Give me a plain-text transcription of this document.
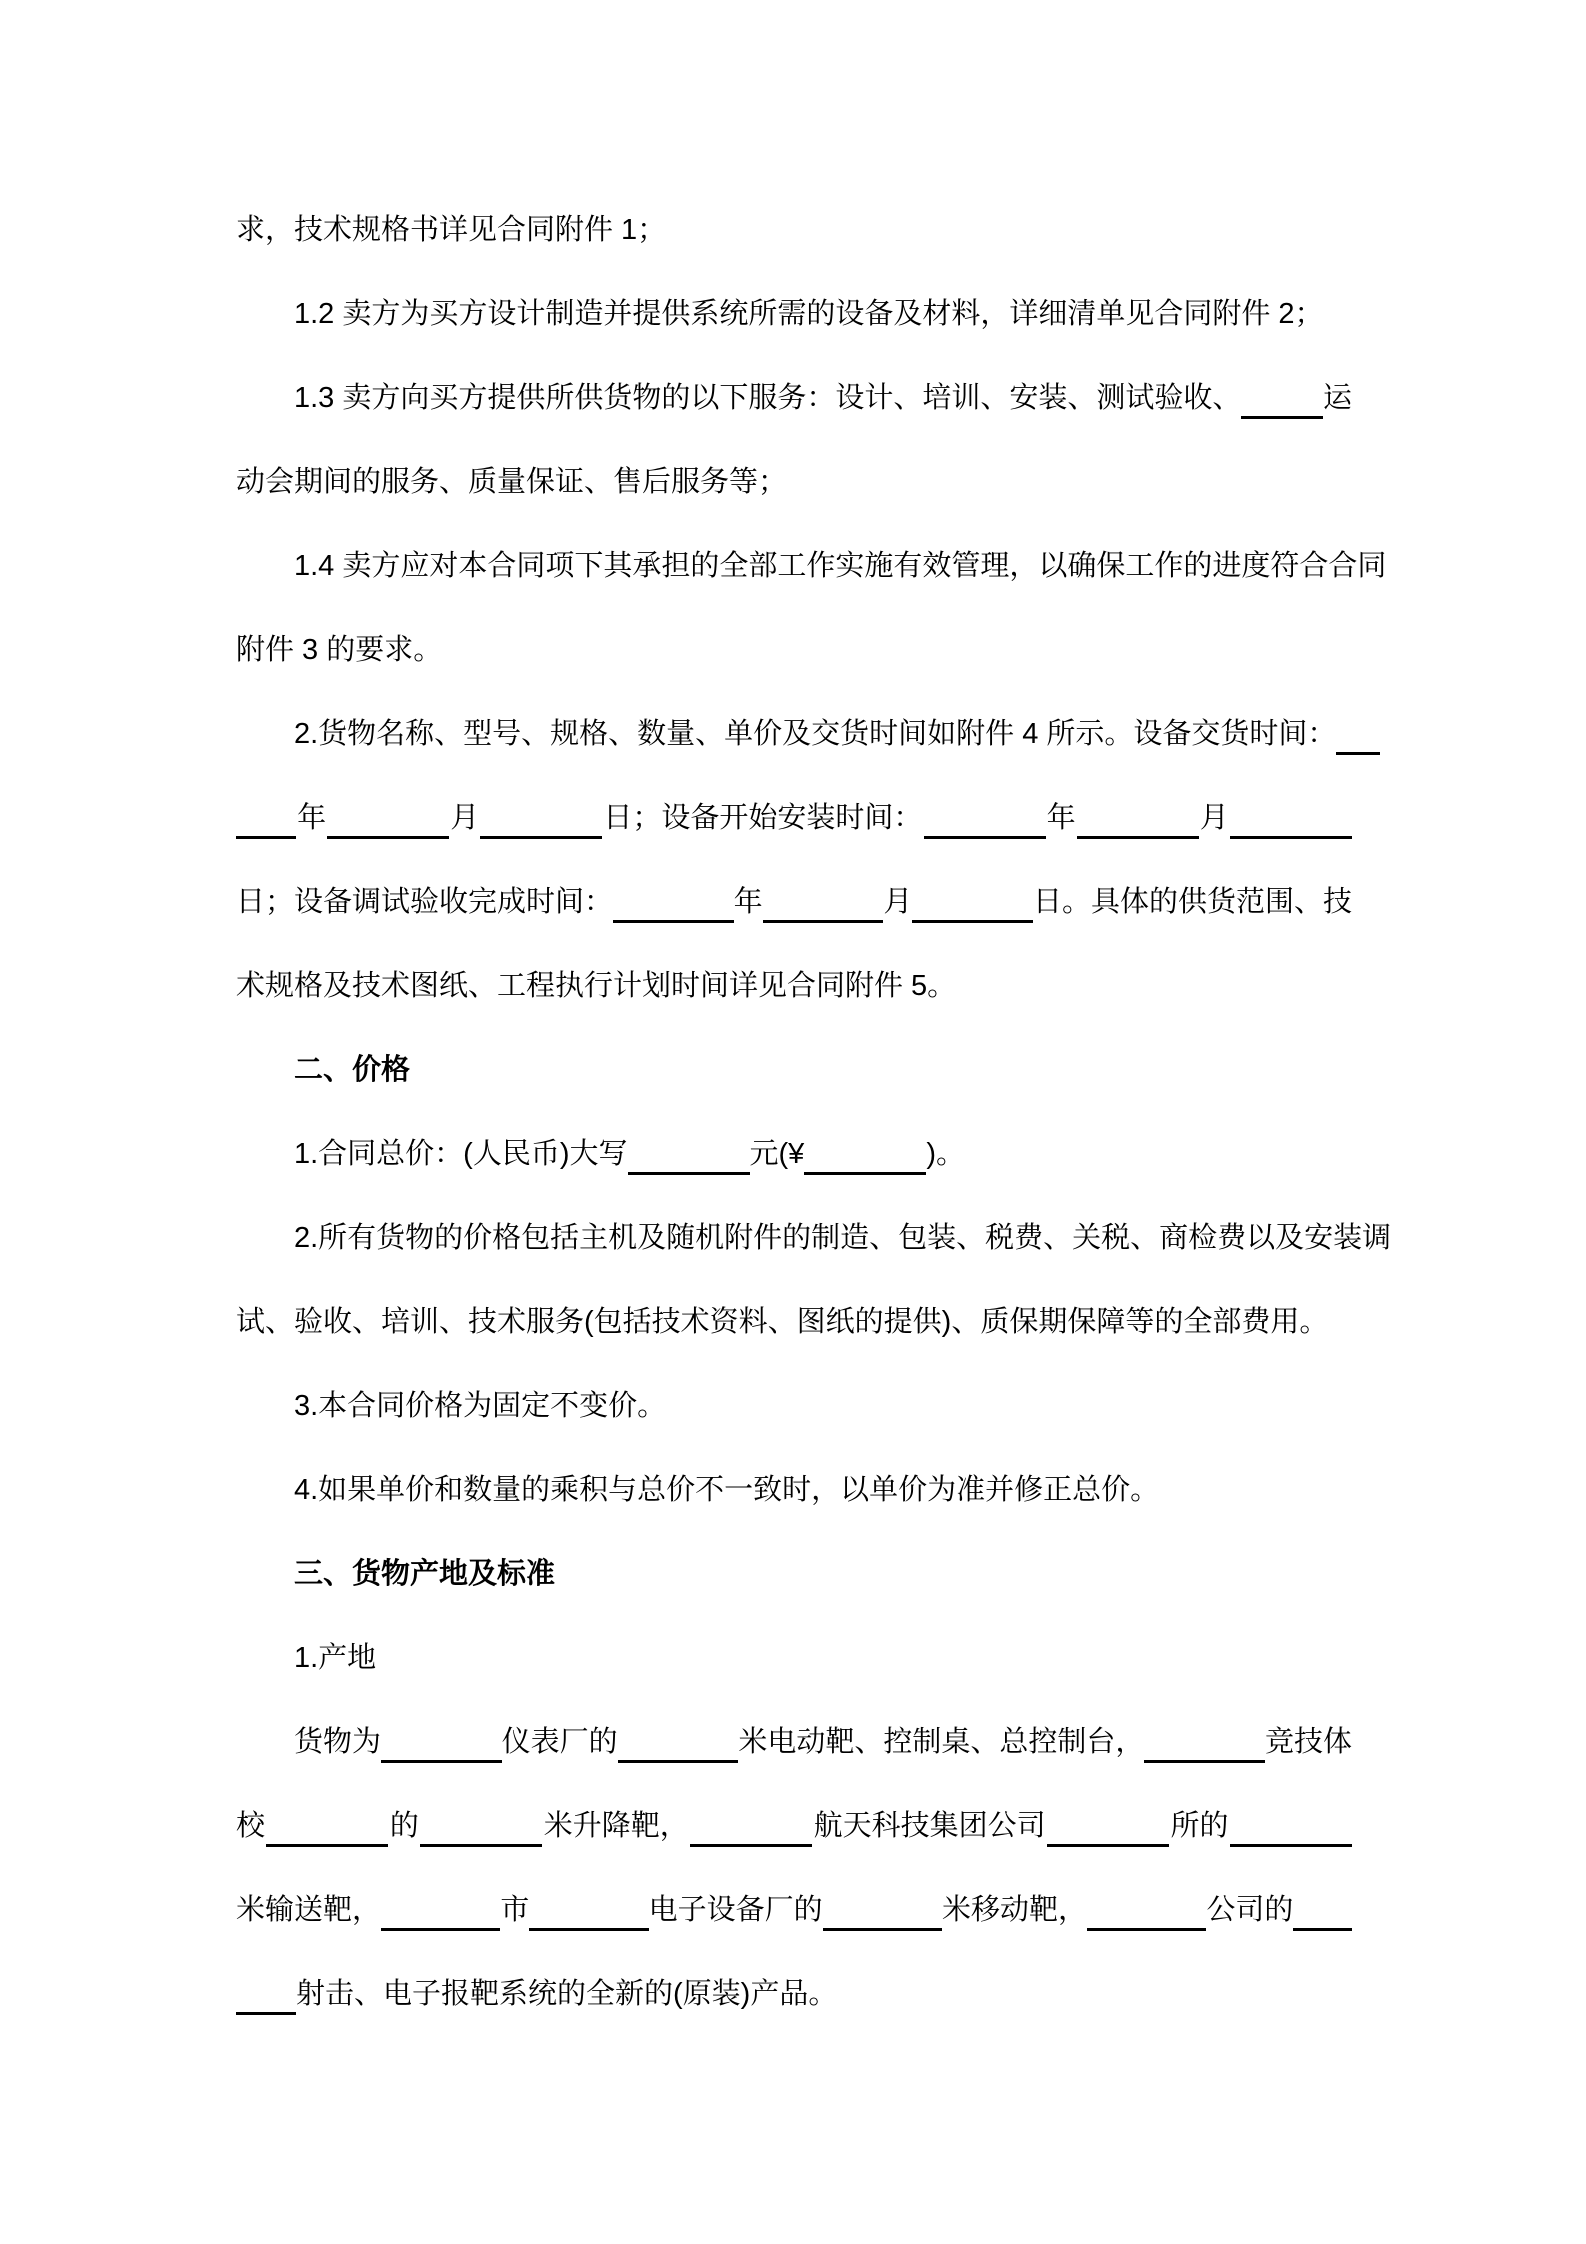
求，技术规格书详见合同附件 1；
1.2 卖方为买方设计制造并提供系统所需的设备及材料，详细清单见合同附件 2；
1.3 卖方向买方提供所供货物的以下服务：设计、培训、安装、测试验收、	运
动会期间的服务、质量保证、售后服务等；
1.4 卖方应对本合同项下其承担的全部工作实施有效管理，以确保工作的进度符合合同
附件 3 的要求。
2.货物名称、型号、规格、数量、单价及交货时间如附件 4 所示。设备交货时间：
年	月	日；设备开始安装时间：	年	月
日；设备调试验收完成时间：	年	月	日。具体的供货范围、技
术规格及技术图纸、工程执行计划时间详见合同附件 5。
二、价格
1.合同总价：(人民币)大写	元(¥	)。
2.所有货物的价格包括主机及随机附件的制造、包装、税费、关税、商检费以及安装调
试、验收、培训、技术服务(包括技术资料、图纸的提供)、质保期保障等的全部费用。
3.本合同价格为固定不变价。
4.如果单价和数量的乘积与总价不一致时，以单价为准并修正总价。
三、货物产地及标准
1.产地
货物为	仪表厂的	米电动靶、控制桌、总控制台，	竞技体
校	的	米升降靶，	航天科技集团公司	所的
米输送靶，	市	电子设备厂的	米移动靶，	公司的
射击、电子报靶系统的全新的(原装)产品。
